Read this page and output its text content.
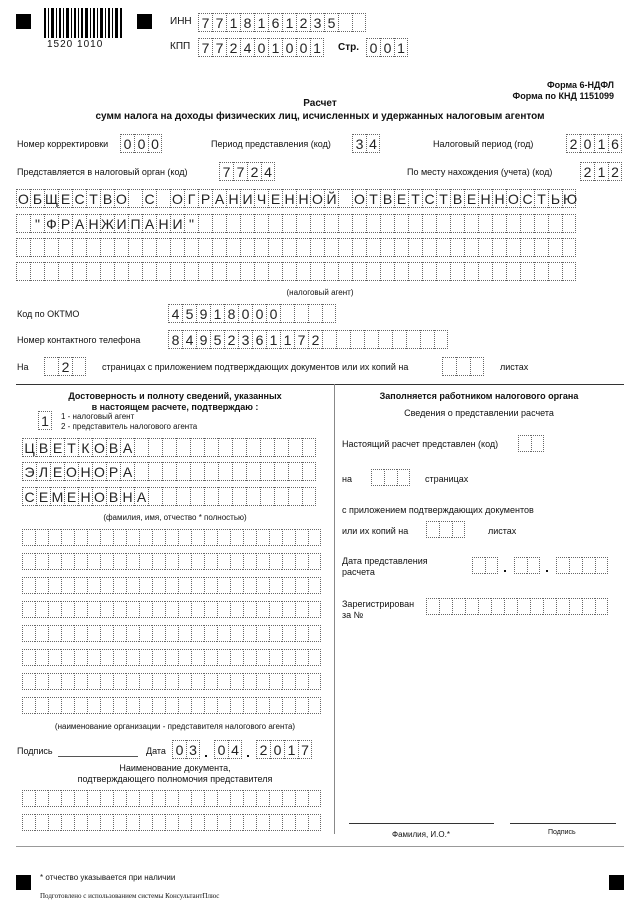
1520 1010
ИНН 7 7 1 8 1 6 1 2 3 5
КПП 7 7 2 4 0 1 0 0 1	Стр. 0 0 1
Форма 6-НДФЛ
Форма по КНД 1151099
Расчет
сумм налога на доходы физических лиц, исчисленных и удержанных налоговым агентом
Номер корректировки 0 0 0	Период представления (код) 3 4	Налоговый период (год)	2 0 1 6
Представляется в налоговый орган (код)	7 7 2 4	По месту нахождения (учета) (код) 2 1 2
О Б Щ Е С Т В О С О Г Р А Н И Ч Е Н Н О Й О Т В Е Т С Т В Е Н Н О С Т Ь Ю
" Ф Р А Н Ж И П А Н И "
(налоговый агент)
Код по ОКТМО	4 5 9 1 8 0 0 0
Номер контактного телефона 8 4 9 5 2 3 6 1 1 7 2
На 2	страницах с приложением подтверждающих документов или их копий на	листах
Достоверность и полноту сведений, указанных
в настоящем расчете, подтверждаю :
1	1 - налоговый агент
2 - представитель налогового агента
Ц В Е Т К О В А
Э Л Е О Н О Р А
С Е М Е Н О В Н А
(фамилия, имя, отчество * полностью)
(наименование организации - представителя налогового агента)
Подпись	Дата 0 3 0 4 2 0 1 7
Наименование документа,
подтверждающего полномочия представителя
Заполняется работником налогового органа
Сведения о представлении расчета
Настоящий расчет представлен (код)
на	страницах
с приложением подтверждающих документов
или их копий на	листах
Дата представления
расчета
Зарегистрирован
за №
Фамилия, И.О.*	Подпись
* отчество указывается при наличии
Подготовлено с использованием системы КонсультантПлюс
